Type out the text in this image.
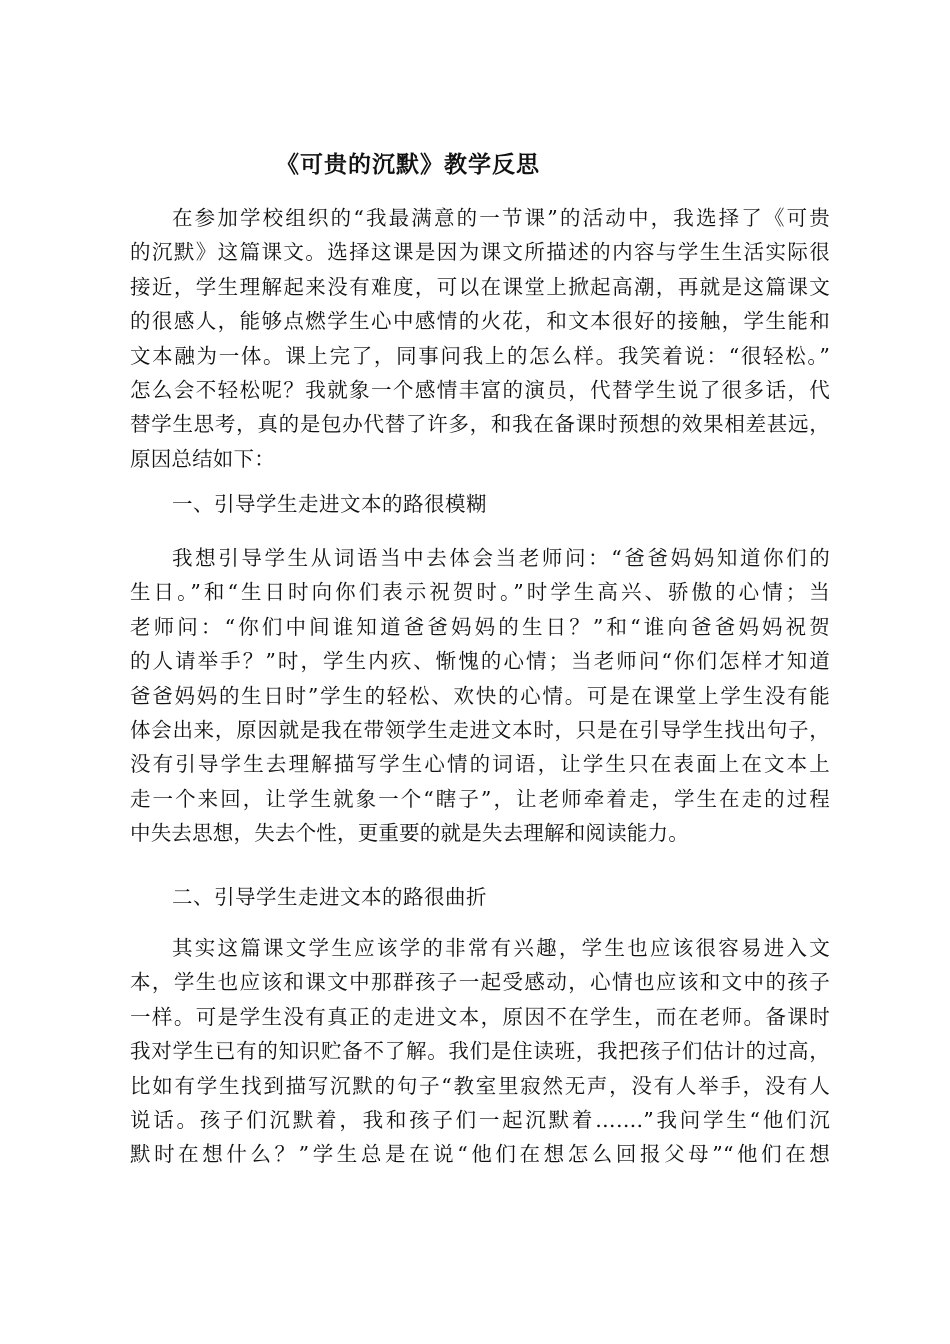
《可贵的沉默》教学反思
在参加学校组织的“我最满意的一节课”的活动中，我选择了《可贵
的沉默》这篇课文。选择这课是因为课文所描述的内容与学生生活实际很
接近，学生理解起来没有难度，可以在课堂上掀起高潮，再就是这篇课文
的很感人，能够点燃学生心中感情的火花，和文本很好的接触，学生能和
文本融为一体。课上完了，同事问我上的怎么样。我笑着说：“很轻松。”
怎么会不轻松呢？我就象一个感情丰富的演员，代替学生说了很多话，代
替学生思考，真的是包办代替了许多，和我在备课时预想的效果相差甚远，
原因总结如下：
一、引导学生走进文本的路很模糊
我想引导学生从词语当中去体会当老师问：“爸爸妈妈知道你们的
生日。”和“生日时向你们表示祝贺时。”时学生高兴、骄傲的心情；当
老师问：“你们中间谁知道爸爸妈妈的生日？”和“谁向爸爸妈妈祝贺
的人请举手？”时，学生内疚、惭愧的心情；当老师问“你们怎样才知道
爸爸妈妈的生日时”学生的轻松、欢快的心情。可是在课堂上学生没有能
体会出来，原因就是我在带领学生走进文本时，只是在引导学生找出句子，
没有引导学生去理解描写学生心情的词语，让学生只在表面上在文本上
走一个来回，让学生就象一个“瞎子”，让老师牵着走，学生在走的过程
中失去思想，失去个性，更重要的就是失去理解和阅读能力。
二、引导学生走进文本的路很曲折
其实这篇课文学生应该学的非常有兴趣，学生也应该很容易进入文
本，学生也应该和课文中那群孩子一起受感动，心情也应该和文中的孩子
一样。可是学生没有真正的走进文本，原因不在学生，而在老师。备课时
我对学生已有的知识贮备不了解。我们是住读班，我把孩子们估计的过高，
比如有学生找到描写沉默的句子“教室里寂然无声，没有人举手，没有人
说话。孩子们沉默着，我和孩子们一起沉默着…….”我问学生“他们沉
默时在想什么？”学生总是在说“他们在想怎么回报父母”“他们在想
